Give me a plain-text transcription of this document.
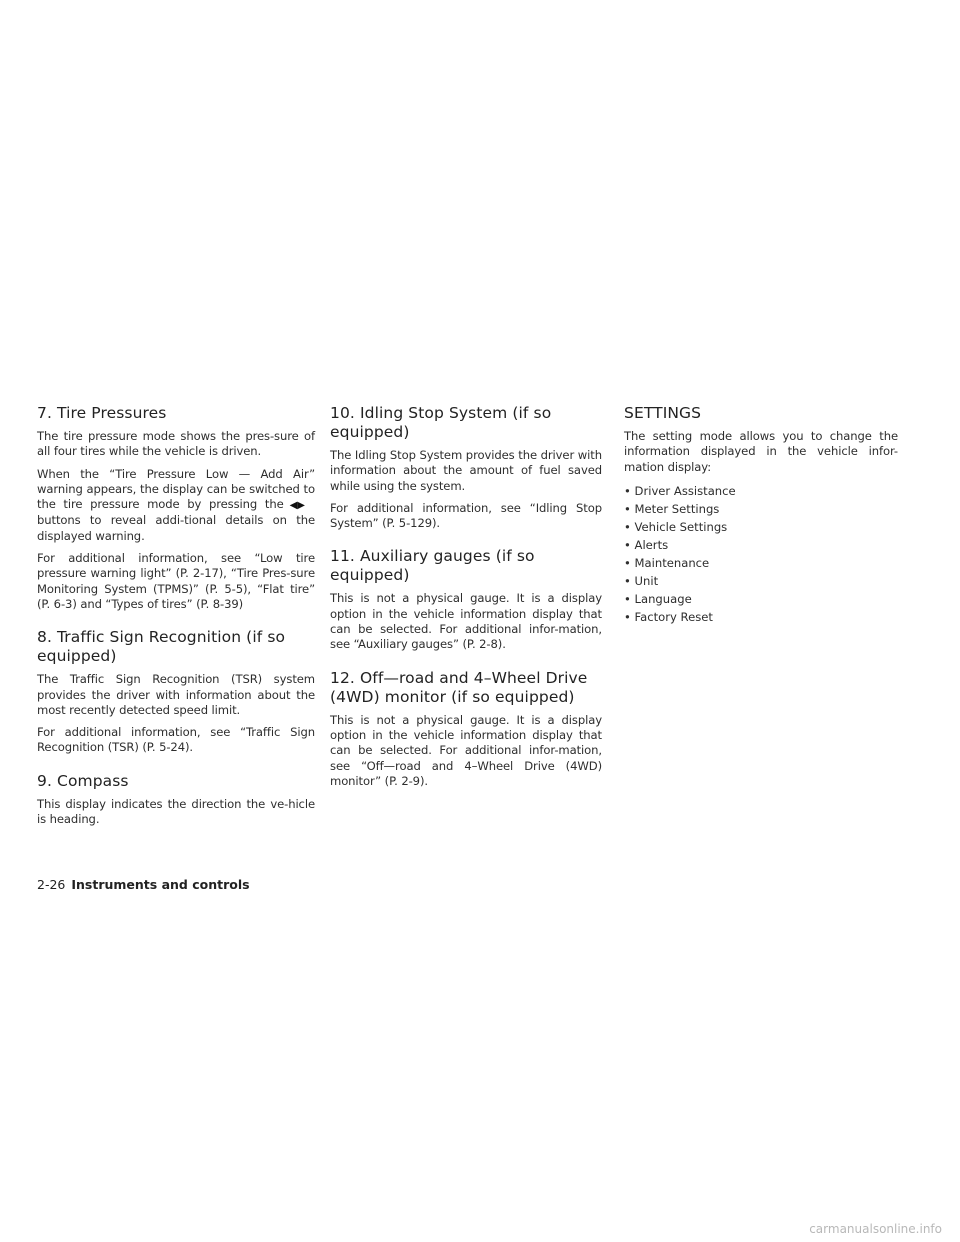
7. Tire Pressures

The tire pressure mode shows the pres-sure of all four tires while the vehicle is driven.

When the “Tire Pressure Low — Add Air” warning appears, the display can be switched to the tire pressure mode by pressing the ◀▶buttons to reveal addi-tional details on the displayed warning.

For additional information, see “Low tire pressure warning light” (P. 2-17), “Tire Pres-sure Monitoring System (TPMS)” (P. 5-5), “Flat tire” (P. 6-3) and “Types of tires” (P. 8-39)

8. Traffic Sign Recognition (if so equipped)

The Traffic Sign Recognition (TSR) system provides the driver with information about the most recently detected speed limit.

For additional information, see “Traffic Sign Recognition (TSR) (P. 5-24).

9. Compass

This display indicates the direction the ve-hicle is heading.

10. Idling Stop System (if so equipped)

The Idling Stop System provides the driver with information about the amount of fuel saved while using the system.

For additional information, see “Idling Stop System” (P. 5-129).

11. Auxiliary gauges (if so equipped)

This is not a physical gauge. It is a display option in the vehicle information display that can be selected. For additional infor-mation, see “Auxiliary gauges” (P. 2-8).

12. Off—road and 4–Wheel Drive (4WD) monitor (if so equipped)

This is not a physical gauge. It is a display option in the vehicle information display that can be selected. For additional infor-mation, see “Off—road and 4–Wheel Drive (4WD) monitor” (P. 2-9).

SETTINGS

The setting mode allows you to change the information displayed in the vehicle infor-mation display:

• Driver Assistance
• Meter Settings
• Vehicle Settings
• Alerts
• Maintenance
• Unit
• Language
• Factory Reset
2-26 Instruments and controls
carmanualsonline.info
